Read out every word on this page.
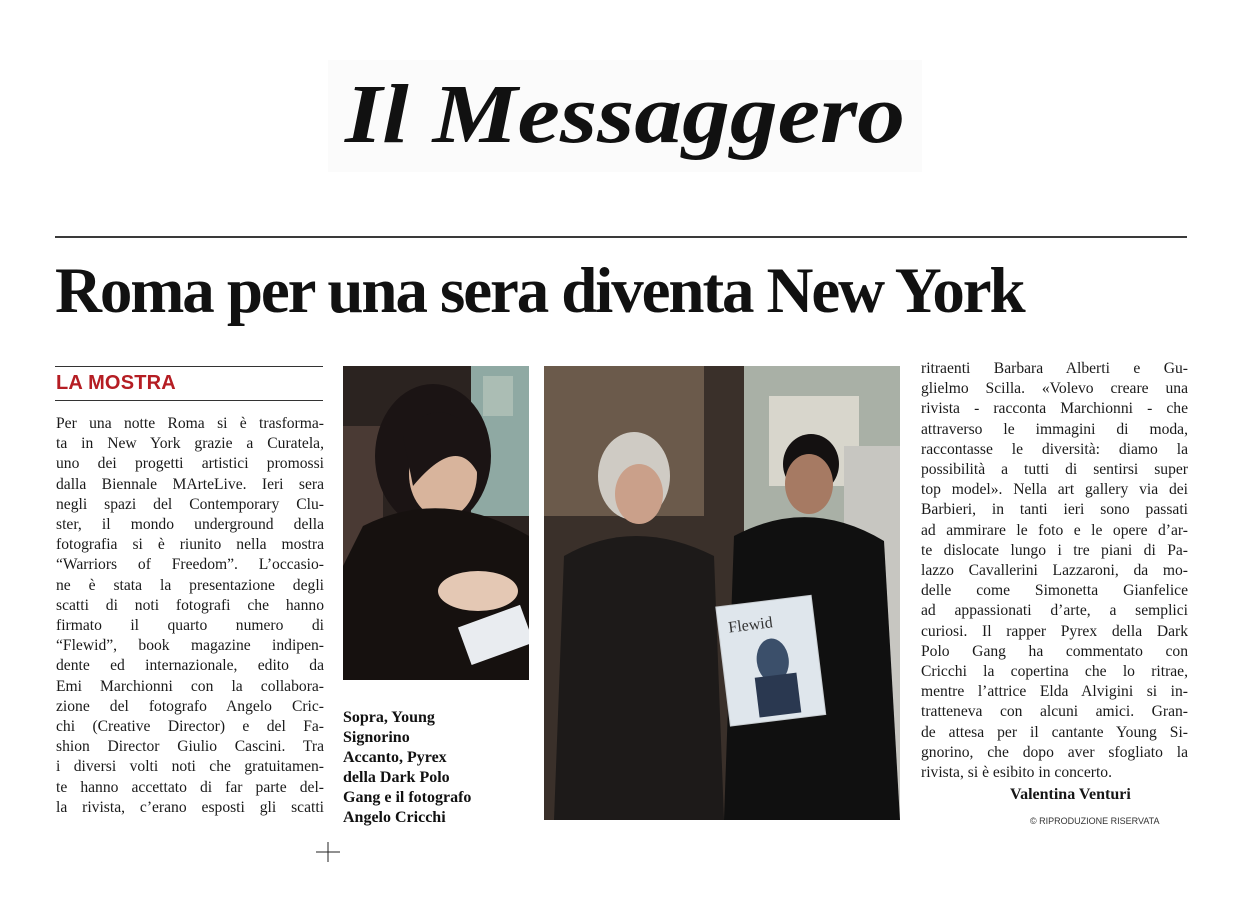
Il Messaggero
Roma per una sera diventa New York
LA MOSTRA
Per una notte Roma si è trasforma-
ta in New York grazie a Curatela,
uno dei progetti artistici promossi
dalla Biennale MArteLive. Ieri sera
negli spazi del Contemporary Clu-
ster, il mondo underground della
fotografia si è riunito nella mostra
“Warriors of Freedom”. L’occasio-
ne è stata la presentazione degli
scatti di noti fotografi che hanno
firmato il quarto numero di
“Flewid”, book magazine indipen-
dente ed internazionale, edito da
Emi Marchionni con la collabora-
zione del fotografo Angelo Cric-
chi (Creative Director) e del Fa-
shion Director Giulio Cascini. Tra
i diversi volti noti che gratuitamen-
te hanno accettato di far parte del-
la rivista, c’erano esposti gli scatti
Sopra, Young
Signorino
Accanto, Pyrex
della Dark Polo
Gang e il fotografo
Angelo Cricchi
Flewid
ritraenti Barbara Alberti e Gu-
glielmo Scilla. «Volevo creare una
rivista - racconta Marchionni - che
attraverso le immagini di moda,
raccontasse le diversità: diamo la
possibilità a tutti di sentirsi super
top model». Nella art gallery via dei
Barbieri, in tanti ieri sono passati
ad ammirare le foto e le opere d’ar-
te dislocate lungo i tre piani di Pa-
lazzo Cavallerini Lazzaroni, da mo-
delle come Simonetta Gianfelice
ad appassionati d’arte, a semplici
curiosi. Il rapper Pyrex della Dark
Polo Gang ha commentato con
Cricchi la copertina che lo ritrae,
mentre l’attrice Elda Alvigini si in-
tratteneva con alcuni amici. Gran-
de attesa per il cantante Young Si-
gnorino, che dopo aver sfogliato la
rivista, si è esibito in concerto.
Valentina Venturi
© RIPRODUZIONE RISERVATA
